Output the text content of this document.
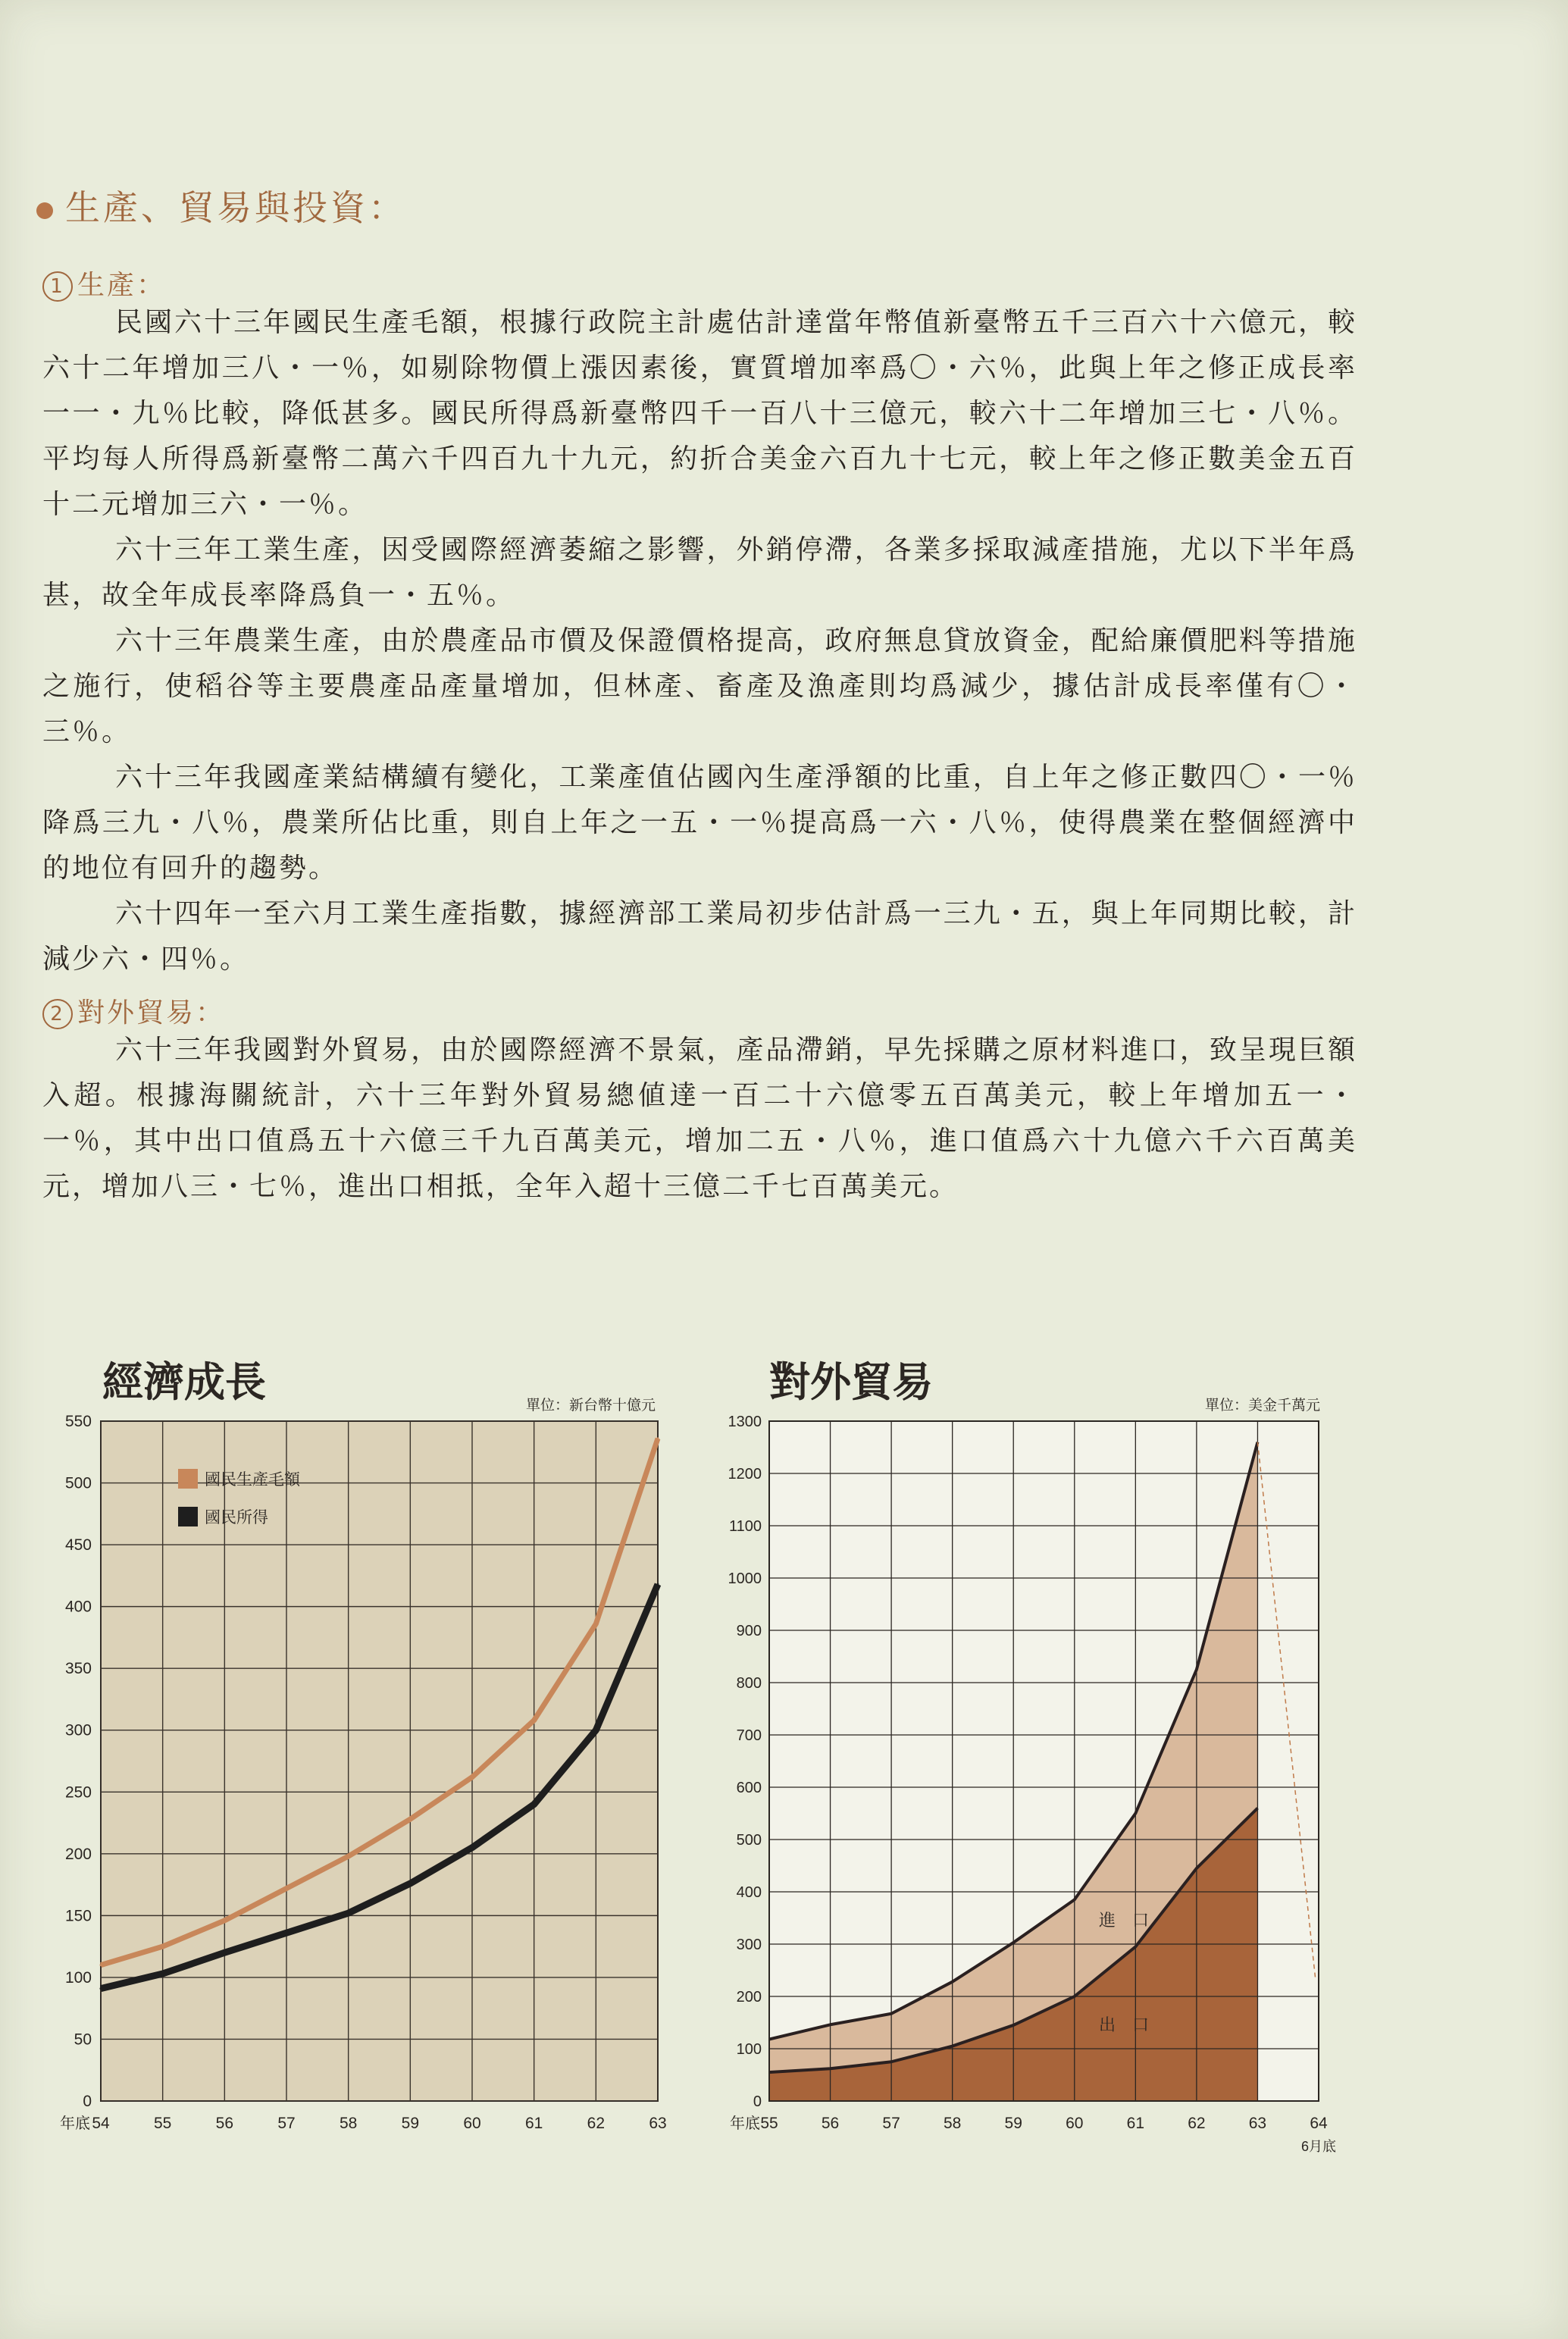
生產、貿易與投資：
1 生產：

民國六十三年國民生產毛額，根據行政院主計處估計達當年幣值新臺幣五千三百六十六億元，較六十二年增加三八・一％，如剔除物價上漲因素後，實質增加率爲〇・六％，此與上年之修正成長率一一・九％比較，降低甚多。國民所得爲新臺幣四千一百八十三億元，較六十二年增加三七・八％。平均每人所得爲新臺幣二萬六千四百九十九元，約折合美金六百九十七元，較上年之修正數美金五百十二元增加三六・一％。

六十三年工業生產，因受國際經濟萎縮之影響，外銷停滯，各業多採取減產措施，尤以下半年爲甚，故全年成長率降爲負一・五％。

六十三年農業生產，由於農產品市價及保證價格提高，政府無息貸放資金，配給廉價肥料等措施之施行，使稻谷等主要農產品產量增加，但林產、畜產及漁產則均爲減少，據估計成長率僅有〇・三％。

六十三年我國產業結構續有變化，工業產值佔國內生產淨額的比重，自上年之修正數四〇・一％降爲三九・八％，農業所佔比重，則自上年之一五・一％提高爲一六・八％，使得農業在整個經濟中的地位有回升的趨勢。

六十四年一至六月工業生產指數，據經濟部工業局初步估計爲一三九・五，與上年同期比較，計減少六・四％。

2 對外貿易：

六十三年我國對外貿易，由於國際經濟不景氣，產品滯銷，早先採購之原材料進口，致呈現巨額入超。根據海關統計，六十三年對外貿易總値達一百二十六億零五百萬美元，較上年增加五一・一％，其中出口值爲五十六億三千九百萬美元，增加二五・八％，進口值爲六十九億六千六百萬美元，增加八三・七％，進出口相抵，全年入超十三億二千七百萬美元。

經濟成長	單位：新台幣十億元
0
50
100
150
200
250
300
350
400
450
500
550
54	55	56	57	58	59	60	61	62	63
年底
國民生產毛額
國民所得
對外貿易	單位：美金千萬元
0
100
200
300
400
500
600
700
800
900
1000
1100
1200
1300
55	56	57	58	59	60	61	62	63	64
年底
6月底
進　口
出　口
